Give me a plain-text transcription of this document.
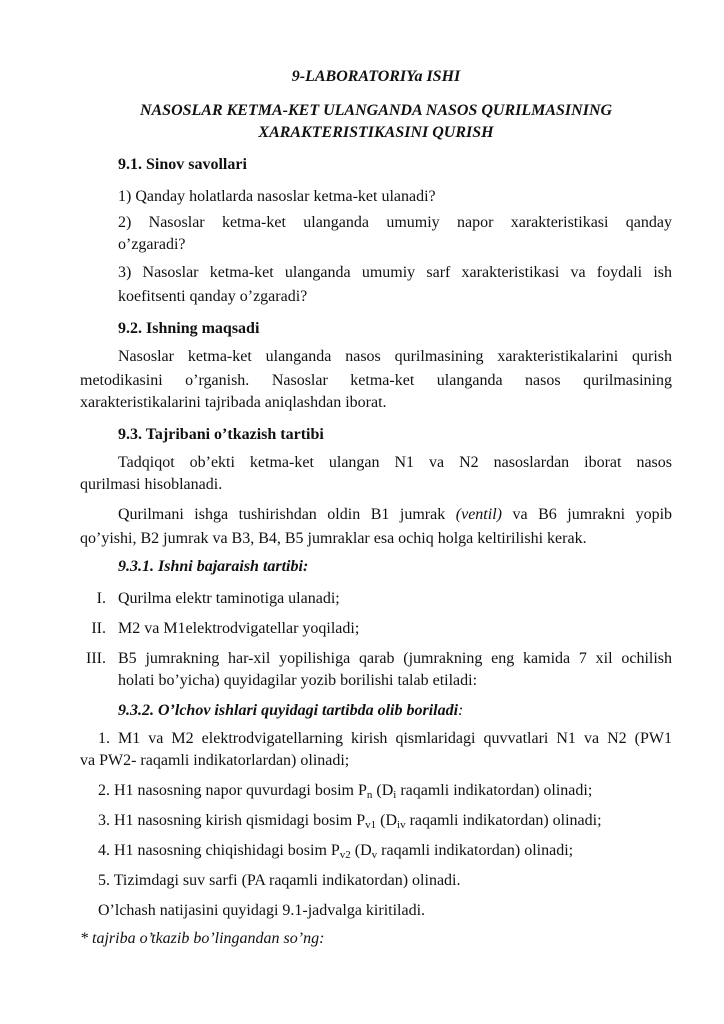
9-LABORATORIYa ISHI
NASOSLAR KETMA-KET ULANGANDA NASOS QURILMASINING
XARAKTERISTIKASINI QURISH
9.1. Sinov savollari
1) Qanday holatlarda nasoslar ketma-ket ulanadi?
2) Nasoslar ketma-ket ulanganda umumiy napor xarakteristikasi qanday
o’zgaradi?
3) Nasoslar ketma-ket ulanganda umumiy sarf xarakteristikasi va foydali ish
koefitsenti qanday o’zgaradi?
9.2. Ishning maqsadi
Nasoslar ketma-ket ulanganda nasos qurilmasining xarakteristikalarini qurish
metodikasini o’rganish. Nasoslar ketma-ket ulanganda nasos qurilmasining
xarakteristikalarini tajribada aniqlashdan iborat.
9.3. Tajribani o’tkazish tartibi
Tadqiqot ob’ekti ketma-ket ulangan N1 va N2 nasoslardan iborat nasos
qurilmasi hisoblanadi.
Qurilmani ishga tushirishdan oldin B1 jumrak (ventil) va B6 jumrakni yopib
qo’yishi, B2 jumrak va B3, B4, B5 jumraklar esa ochiq holga keltirilishi kerak.
9.3.1. Ishni bajaraish tartibi:
I. Qurilma elektr taminotiga ulanadi;
II. M2 va M1elektrodvigatellar yoqiladi;
III. B5 jumrakning har-xil yopilishiga qarab (jumrakning eng kamida 7 xil ochilish
holati bo’yicha) quyidagilar yozib borilishi talab etiladi:
9.3.2. O’lchov ishlari quyidagi tartibda olib boriladi:
1. M1 va M2 elektrodvigatellarning kirish qismlaridagi quvvatlari N1 va N2 (PW1
va PW2- raqamli indikatorlardan) olinadi;
2. H1 nasosning napor quvurdagi bosim $P_n$ ($D_i$ raqamli indikatordan) olinadi;
3. H1 nasosning kirish qismidagi bosim $P_{v1}$ ($D_{iv}$ raqamli indikatordan) olinadi;
4. H1 nasosning chiqishidagi bosim $P_{v2}$ ($D_v$ raqamli indikatordan) olinadi;
5. Tizimdagi suv sarfi (PA raqamli indikatordan) olinadi.
O’lchash natijasini quyidagi 9.1-jadvalga kiritiladi.
* tajriba o’tkazib bo’lingandan so’ng:
